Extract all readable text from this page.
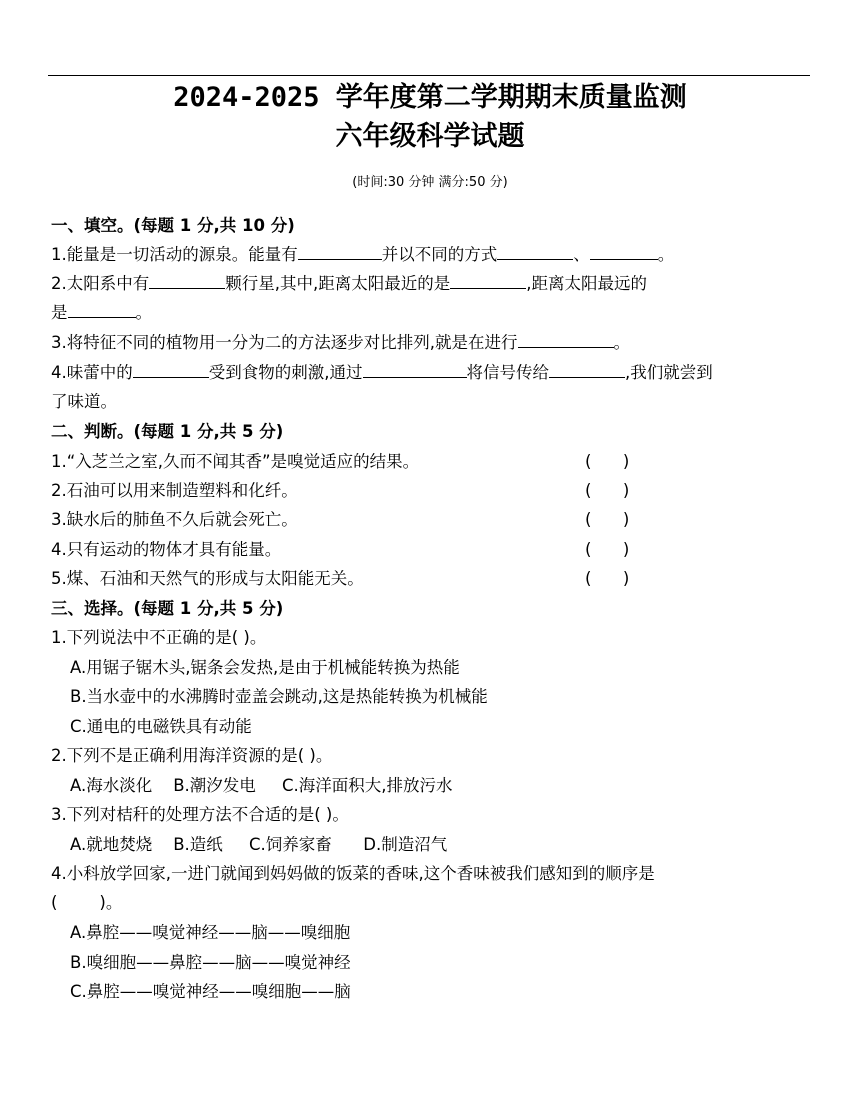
2024-2025 学年度第二学期期末质量监测
六年级科学试题
(时间:30 分钟 满分:50 分)
一、填空。(每题 1 分,共 10 分)
1.能量是一切活动的源泉。能量有	并以不同的方式	、	。
2.太阳系中有	颗行星,其中,距离太阳最近的是	,距离太阳最远的
是	。
3.将特征不同的植物用一分为二的方法逐步对比排列,就是在进行	。
4.味蕾中的	受到食物的刺激,通过	将信号传给	,我们就尝到
了味道。
二、判断。(每题 1 分,共 5 分)
1.“入芝兰之室,久而不闻其香”是嗅觉适应的结果。	(      )
2.石油可以用来制造塑料和化纤。	(      )
3.缺水后的肺鱼不久后就会死亡。	(      )
4.只有运动的物体才具有能量。	(      )
5.煤、石油和天然气的形成与太阳能无关。	(      )
三、选择。(每题 1 分,共 5 分)
1.下列说法中不正确的是( )。
A.用锯子锯木头,锯条会发热,是由于机械能转换为热能
B.当水壶中的水沸腾时壶盖会跳动,这是热能转换为机械能
C.通电的电磁铁具有动能
2.下列不是正确利用海洋资源的是( )。
A.海水淡化    B.潮汐发电     C.海洋面积大,排放污水
3.下列对桔秆的处理方法不合适的是( )。
A.就地焚烧    B.造纸     C.饲养家畜      D.制造沼气
4.小科放学回家,一进门就闻到妈妈做的饭菜的香味,这个香味被我们感知到的顺序是
(        )。
A.鼻腔——嗅觉神经——脑——嗅细胞
B.嗅细胞——鼻腔——脑——嗅觉神经
C.鼻腔——嗅觉神经——嗅细胞——脑
